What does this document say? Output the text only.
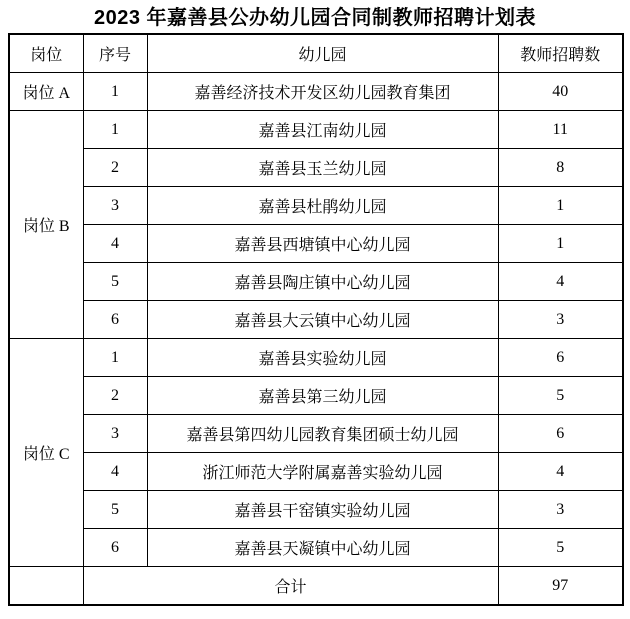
2023 年嘉善县公办幼儿园合同制教师招聘计划表
岗位	序号	幼儿园	教师招聘数
岗位 A	1	嘉善经济技术开发区幼儿园教育集团	40
岗位 B	1	嘉善县江南幼儿园	11
	2	嘉善县玉兰幼儿园	8
	3	嘉善县杜鹃幼儿园	1
	4	嘉善县西塘镇中心幼儿园	1
	5	嘉善县陶庄镇中心幼儿园	4
	6	嘉善县大云镇中心幼儿园	3
岗位 C	1	嘉善县实验幼儿园	6
	2	嘉善县第三幼儿园	5
	3	嘉善县第四幼儿园教育集团硕士幼儿园	6
	4	浙江师范大学附属嘉善实验幼儿园	4
	5	嘉善县干窑镇实验幼儿园	3
	6	嘉善县天凝镇中心幼儿园	5
	合计		97
